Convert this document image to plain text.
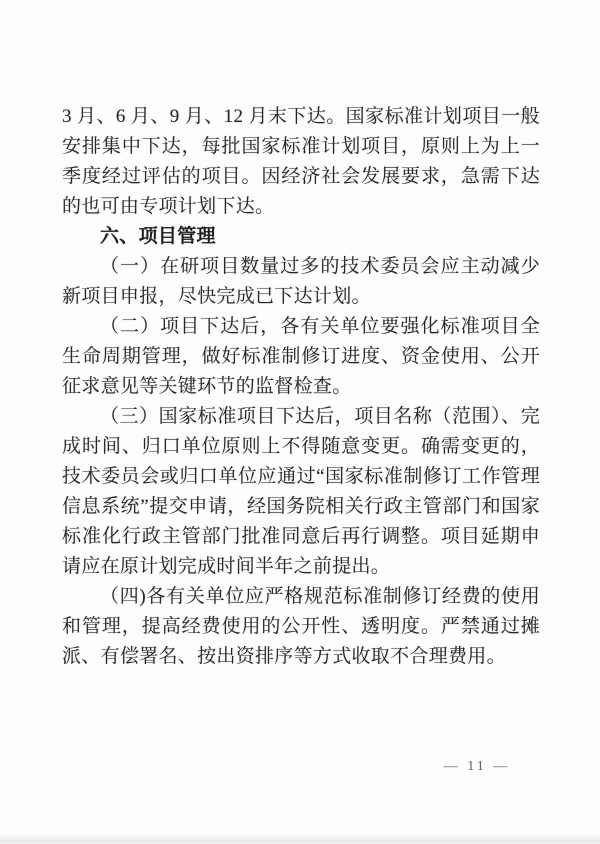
3 月、6 月、9 月、12 月末下达。国家标准计划项目一般安排集中下达，每批国家标准计划项目，原则上为上一季度经过评估的项目。因经济社会发展要求，急需下达的也可由专项计划下达。

六、项目管理

（一）在研项目数量过多的技术委员会应主动减少新项目申报，尽快完成已下达计划。

（二）项目下达后，各有关单位要强化标准项目全生命周期管理，做好标准制修订进度、资金使用、公开征求意见等关键环节的监督检查。

（三）国家标准项目下达后，项目名称（范围）、完成时间、归口单位原则上不得随意变更。确需变更的，技术委员会或归口单位应通过“国家标准制修订工作管理信息系统”提交申请，经国务院相关行政主管部门和国家标准化行政主管部门批准同意后再行调整。项目延期申请应在原计划完成时间半年之前提出。

（四)各有关单位应严格规范标准制修订经费的使用和管理，提高经费使用的公开性、透明度。严禁通过摊派、有偿署名、按出资排序等方式收取不合理费用。

— 11 —
